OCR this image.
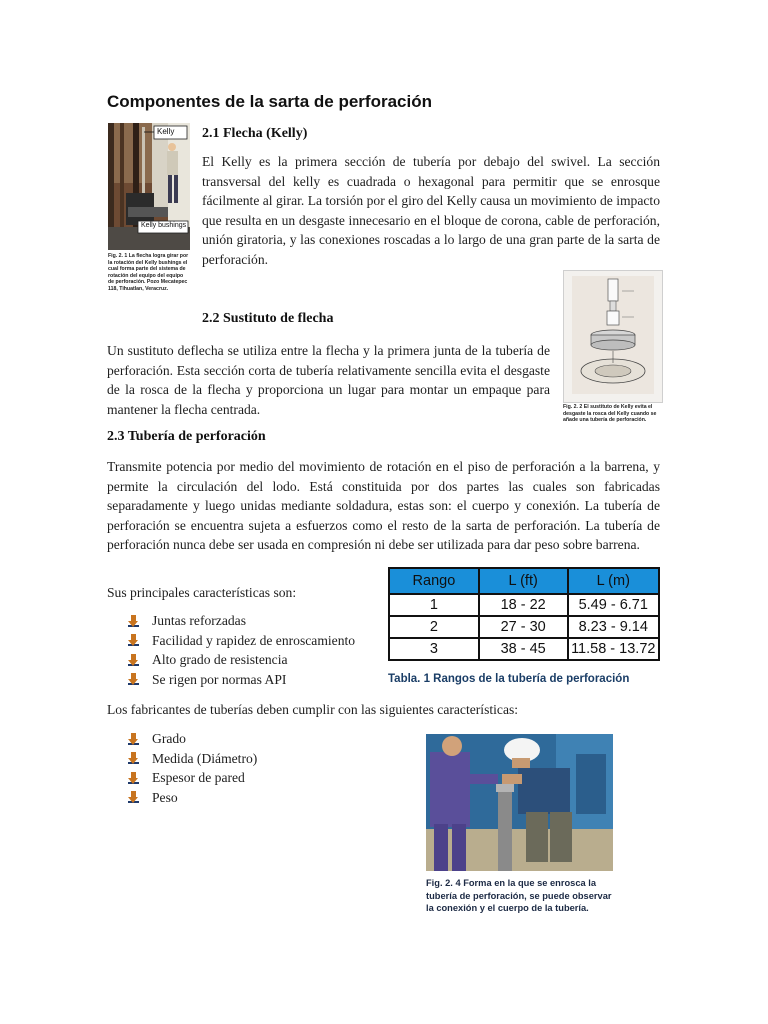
Componentes de la sarta de perforación
Kelly
Kelly bushings
Fig. 2. 1 La flecha logra girar por la rotación del Kelly bushings el cual forma parte del sistema de rotación del equipo del equipo de perforación. Pozo Mecatepec 118, Tihuatlan, Veracruz.
2.1 Flecha (Kelly)
El Kelly es la primera sección de tubería por debajo del swivel. La sección transversal del kelly es cuadrada o hexagonal para permitir que se enrosque fácilmente al girar. La torsión por el giro del Kelly causa un movimiento de impacto que resulta en un desgaste innecesario en el bloque de corona, cable de perforación, unión giratoria, y las conexiones roscadas a lo largo de una gran parte de la sarta de perforación.
Fig. 2. 2 El sustituto de Kelly evita el desgaste la rosca del Kelly cuando se añade una tubería de perforación.
2.2 Sustituto de flecha
Un sustituto deflecha se utiliza entre la flecha y la primera junta de la tubería de perforación. Esta sección corta de tubería relativamente sencilla evita el desgaste de la rosca de la flecha y proporciona un lugar para montar un empaque para mantener la flecha centrada.
2.3 Tubería de perforación
Transmite potencia por medio del movimiento de rotación en el piso de perforación a la barrena, y permite la circulación del lodo. Está constituida por dos partes las cuales son fabricadas separadamente y luego unidas mediante soldadura, estas son: el cuerpo y conexión. La tubería de perforación se encuentra sujeta a esfuerzos como el resto de la sarta de perforación. La tubería de perforación nunca debe ser usada en compresión ni debe ser utilizada para dar peso sobre barrena.
Sus principales características son:
Juntas reforzadas
Facilidad y rapidez de enroscamiento
Alto grado de resistencia
Se rigen por normas API
Rango	L (ft)	L (m)
1	18 - 22	5.49 - 6.71
2	27 - 30	8.23 - 9.14
3	38 - 45	11.58 - 13.72
Tabla. 1 Rangos de la tubería de perforación
Los fabricantes de tuberías deben cumplir con las siguientes características:
Grado
Medida (Diámetro)
Espesor de pared
Peso
Fig. 2. 4 Forma en la que se enrosca la tubería de perforación, se puede observar la conexión y el cuerpo de la tubería.
